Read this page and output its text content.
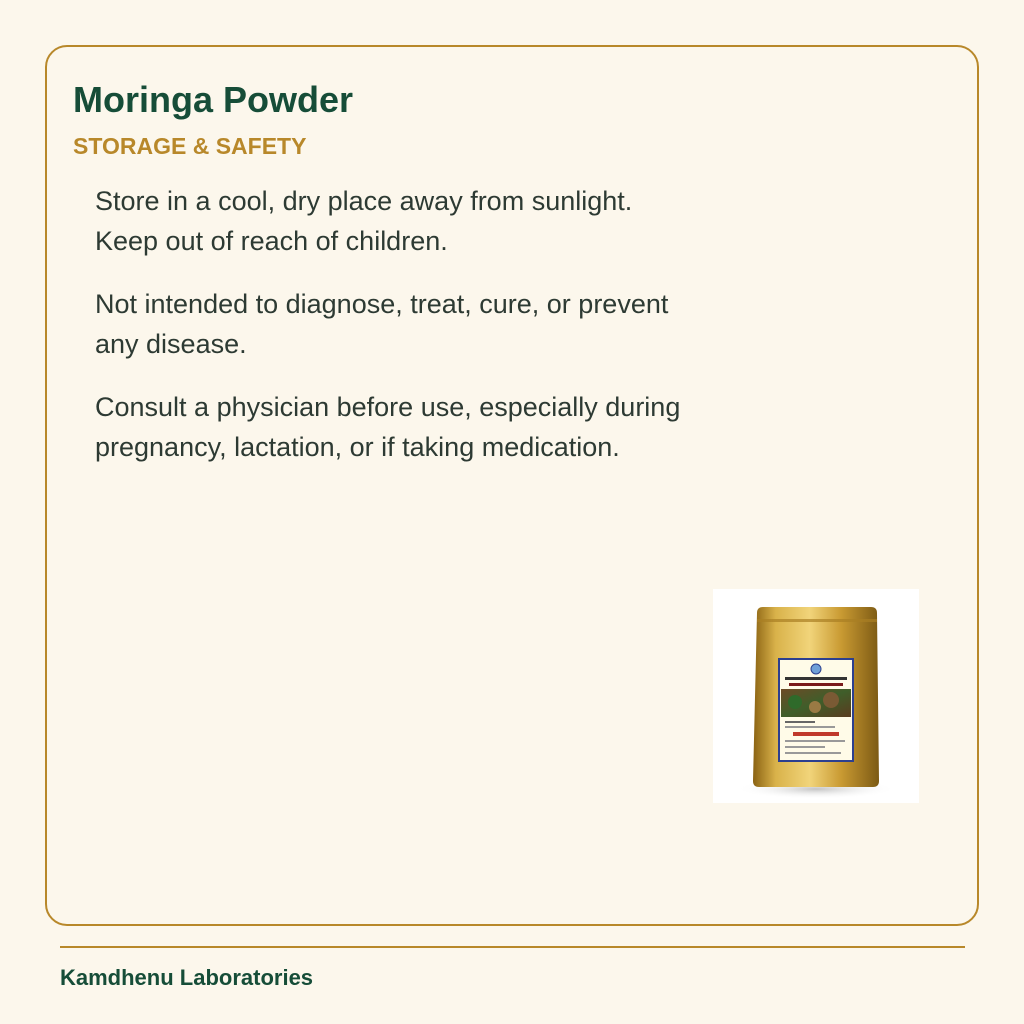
Moringa Powder
STORAGE & SAFETY

Store in a cool, dry place away from sunlight. Keep out of reach of children.

Not intended to diagnose, treat, cure, or prevent any disease.

Consult a physician before use, especially during pregnancy, lactation, or if taking medication.

Kamdhenu Laboratories
